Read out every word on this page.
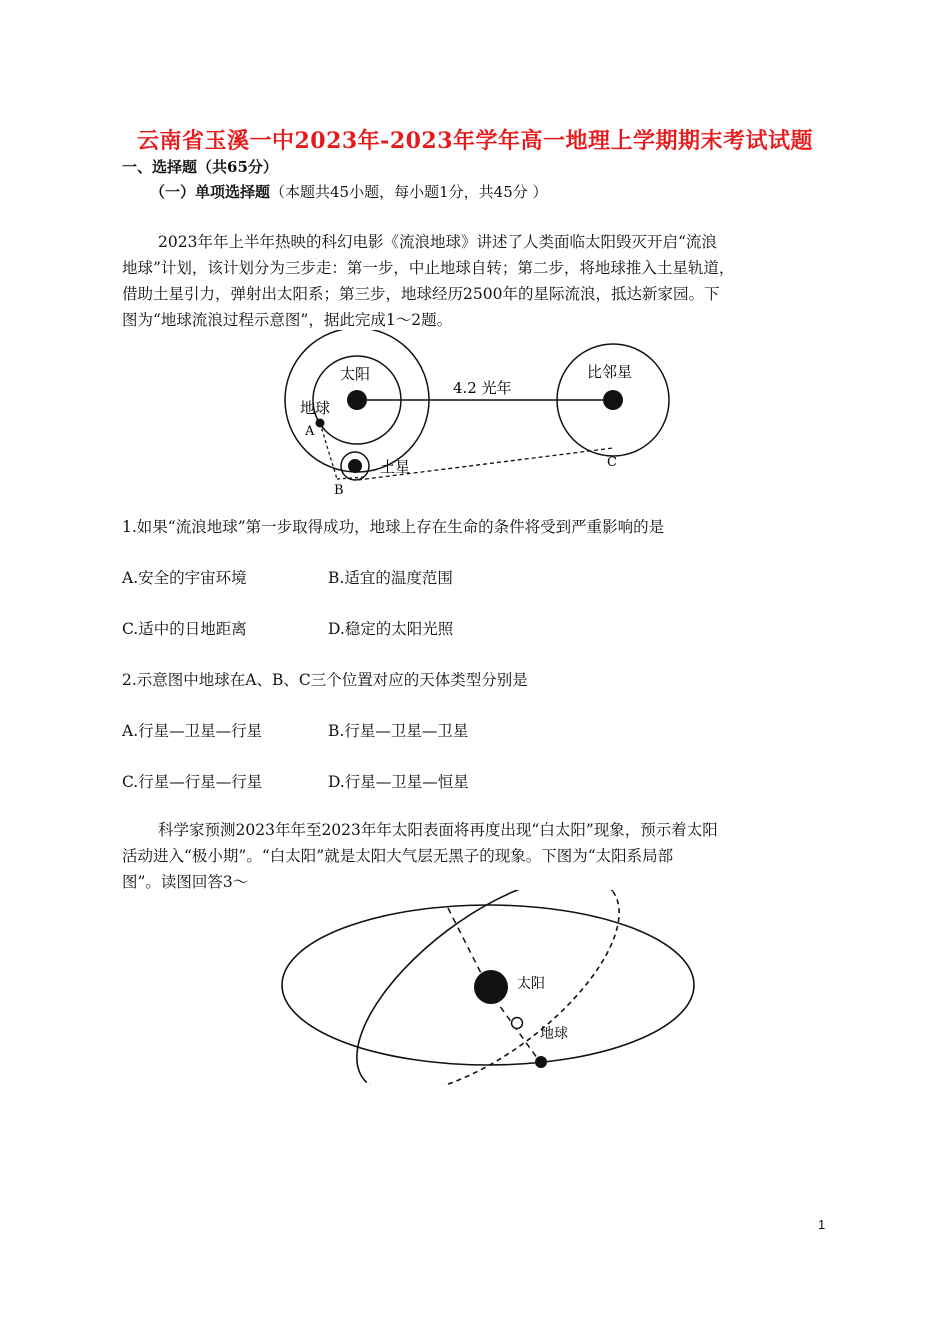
云南省玉溪一中2023年-2023年学年高一地理上学期期末考试试题
一、选择题（共65分）
（一）单项选择题（本题共45小题，每小题1分，共45分 ）
2023年年上半年热映的科幻电影《流浪地球》讲述了人类面临太阳毁灭开启“流浪
地球”计划，该计划分为三步走：第一步，中止地球自转；第二步，将地球推入土星轨道，
借助土星引力，弹射出太阳系；第三步，地球经历2500年的星际流浪，抵达新家园。下
图为“地球流浪过程示意图”，据此完成1～2题。
太阳
地球
土星
比邻星
4.2 光年
A
B
C
1.如果“流浪地球”第一步取得成功，地球上存在生命的条件将受到严重影响的是
A.安全的宇宙环境	B.适宜的温度范围
C.适中的日地距离	D.稳定的太阳光照
2.示意图中地球在A、B、C三个位置对应的天体类型分别是
A.行星—卫星—行星	B.行星—卫星—卫星
C.行星—行星—行星	D.行星—卫星—恒星
科学家预测2023年年至2023年年太阳表面将再度出现“白太阳”现象，预示着太阳
活动进入“极小期”。“白太阳”就是太阳大气层无黑子的现象。下图为“太阳系局部
图”。读图回答3～
太阳
地球
1
